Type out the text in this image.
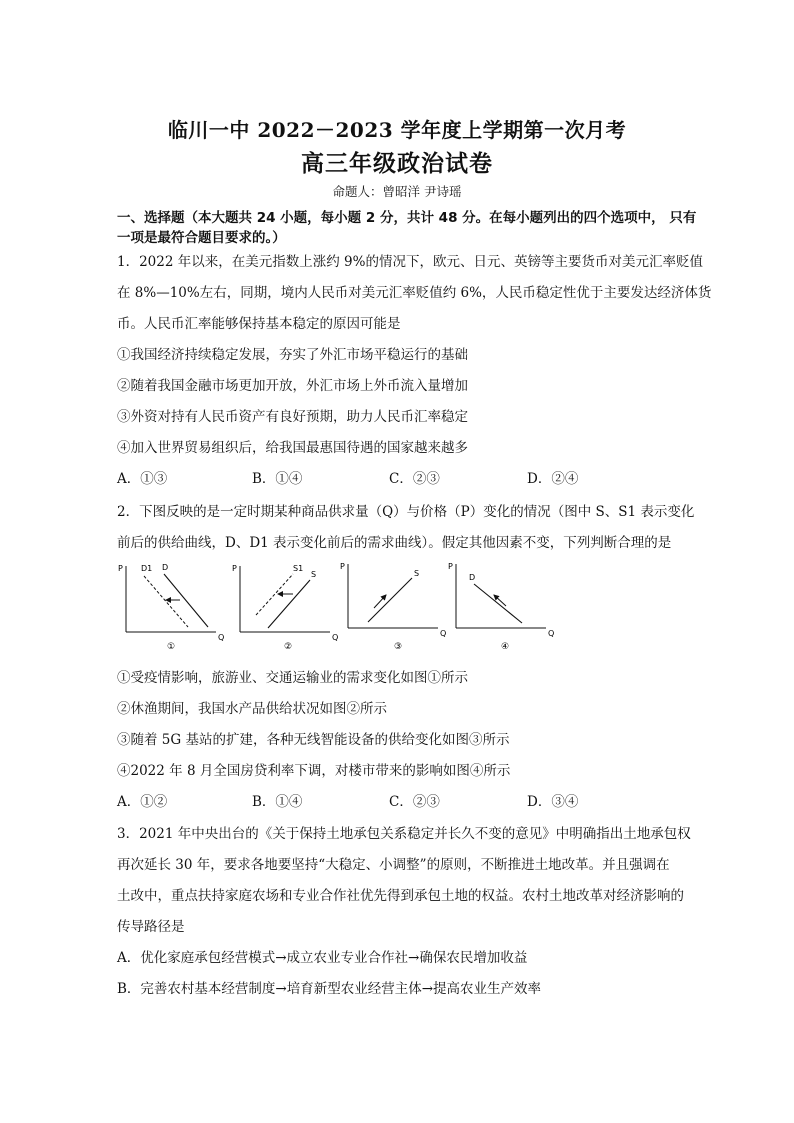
临川一中 2022－2023 学年度上学期第一次月考
高三年级政治试卷
命题人：曾昭洋 尹诗瑶
一、选择题（本大题共 24 小题，每小题 2 分，共计 48 分。在每小题列出的四个选项中， 只有
一项是最符合题目要求的。）
1．2022 年以来，在美元指数上涨约 9%的情况下，欧元、日元、英镑等主要货币对美元汇率贬值
在 8%—10%左右，同期，境内人民币对美元汇率贬值约 6%，人民币稳定性优于主要发达经济体货
币。人民币汇率能够保持基本稳定的原因可能是
①我国经济持续稳定发展，夯实了外汇市场平稳运行的基础
②随着我国金融市场更加开放，外汇市场上外币流入量增加
③外资对持有人民币资产有良好预期，助力人民币汇率稳定
④加入世界贸易组织后，给我国最惠国待遇的国家越来越多
A．①③	B．①④	C．②③	D．②④
2．下图反映的是一定时期某种商品供求量（Q）与价格（P）变化的情况（图中 S、S1 表示变化
前后的供给曲线，D、D1 表示变化前后的需求曲线）。假定其他因素不变，下列判断合理的是
P
Q
D1 D
①
P
Q
S1
S
②
P
Q
S
③
P
Q
D
④
①受疫情影响，旅游业、交通运输业的需求变化如图①所示
②休渔期间，我国水产品供给状况如图②所示
③随着 5G 基站的扩建，各种无线智能设备的供给变化如图③所示
④2022 年 8 月全国房贷利率下调，对楼市带来的影响如图④所示
A．①②	B．①④	C．②③	D．③④
3．2021 年中央出台的《关于保持土地承包关系稳定并长久不变的意见》中明确指出土地承包权
再次延长 30 年，要求各地要坚持“大稳定、小调整”的原则，不断推进土地改革。并且强调在
土改中，重点扶持家庭农场和专业合作社优先得到承包土地的权益。农村土地改革对经济影响的
传导路径是
A．优化家庭承包经营模式→成立农业专业合作社→确保农民增加收益
B．完善农村基本经营制度→培育新型农业经营主体→提高农业生产效率
